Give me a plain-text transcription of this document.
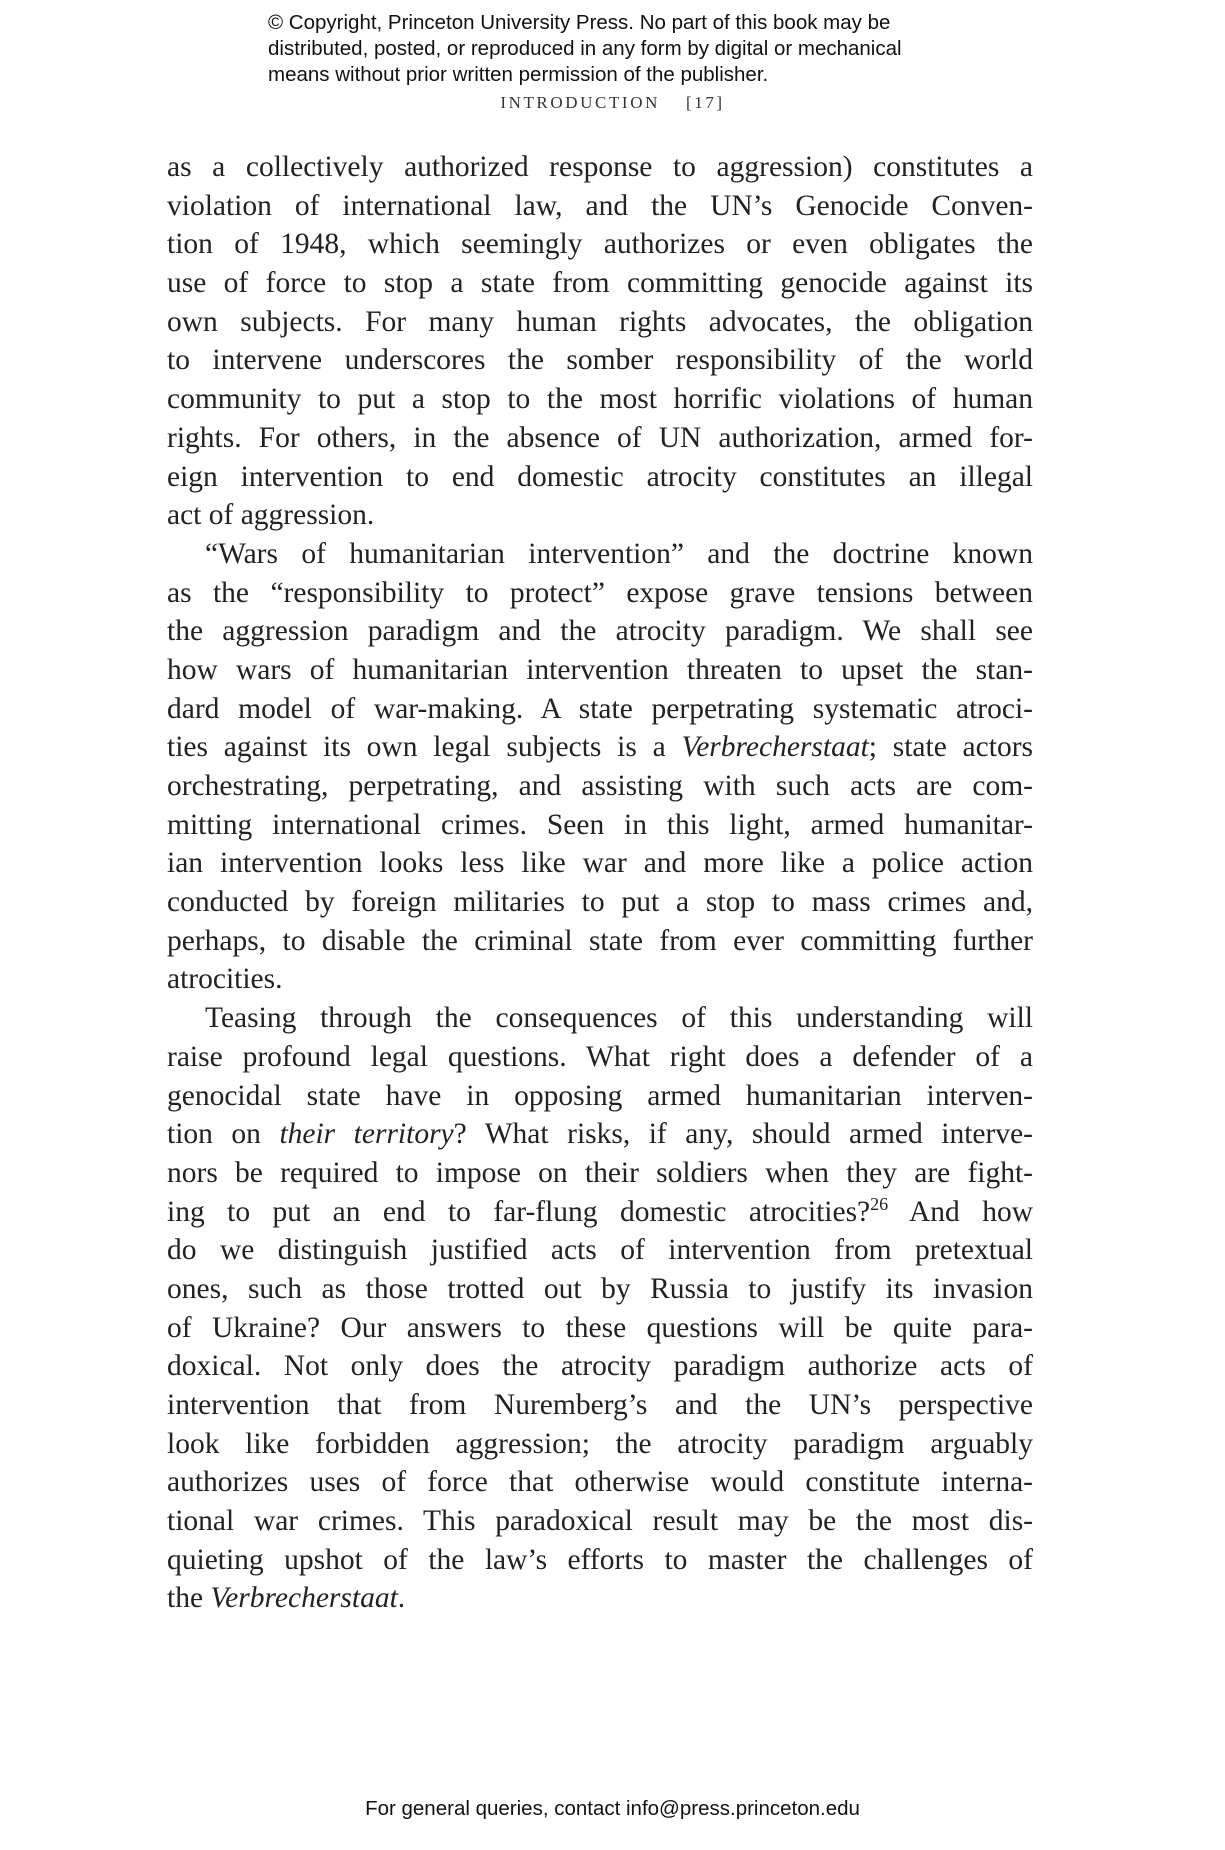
© Copyright, Princeton University Press. No part of this book may be
distributed, posted, or reproduced in any form by digital or mechanical
means without prior written permission of the publisher.
INTRODUCTION [17]
as a collectively authorized response to aggression) constitutes a
violation of international law, and the UN’s Genocide Conven-
tion of 1948, which seemingly authorizes or even obligates the
use of force to stop a state from committing genocide against its
own subjects. For many human rights advocates, the obligation
to intervene underscores the somber responsibility of the world
community to put a stop to the most horrific violations of human
rights. For others, in the absence of UN authorization, armed for-
eign intervention to end domestic atrocity constitutes an illegal
act of aggression.
“Wars of humanitarian intervention” and the doctrine known
as the “responsibility to protect” expose grave tensions between
the aggression paradigm and the atrocity paradigm. We shall see
how wars of humanitarian intervention threaten to upset the stan-
dard model of war-making. A state perpetrating systematic atroci-
ties against its own legal subjects is a Verbrecherstaat; state actors
orchestrating, perpetrating, and assisting with such acts are com-
mitting international crimes. Seen in this light, armed humanitar-
ian intervention looks less like war and more like a police action
conducted by foreign militaries to put a stop to mass crimes and,
perhaps, to disable the criminal state from ever committing further
atrocities.
Teasing through the consequences of this understanding will
raise profound legal questions. What right does a defender of a
genocidal state have in opposing armed humanitarian interven-
tion on their territory? What risks, if any, should armed interve-
nors be required to impose on their soldiers when they are fight-
ing to put an end to far-flung domestic atrocities?$^{26}$ And how
do we distinguish justified acts of intervention from pretextual
ones, such as those trotted out by Russia to justify its invasion
of Ukraine? Our answers to these questions will be quite para-
doxical. Not only does the atrocity paradigm authorize acts of
intervention that from Nuremberg’s and the UN’s perspective
look like forbidden aggression; the atrocity paradigm arguably
authorizes uses of force that otherwise would constitute interna-
tional war crimes. This paradoxical result may be the most dis-
quieting upshot of the law’s efforts to master the challenges of
the Verbrecherstaat.
For general queries, contact info@press.princeton.edu
